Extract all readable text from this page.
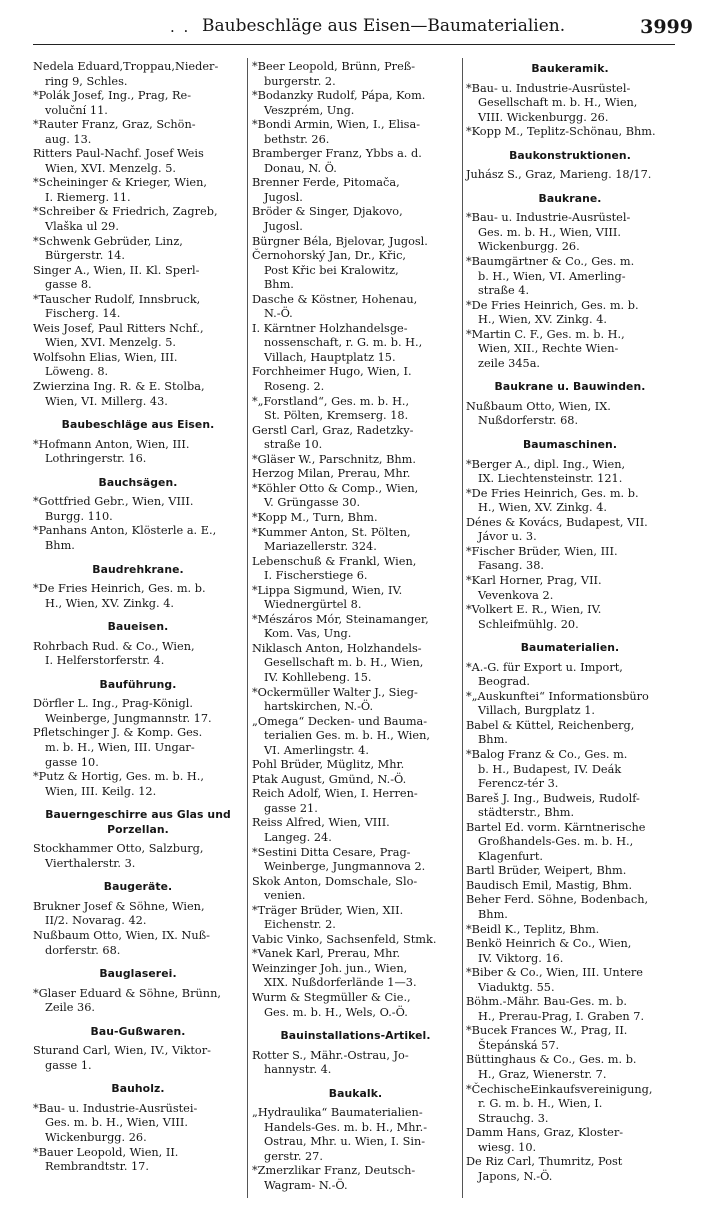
. . Baubeschläge aus Eisen—Baumaterialien.	3999
Nedela Eduard,Troppau,Nieder-
ring 9, Schles.
*Polák Josef, Ing., Prag, Re-
voluční 11.
*Rauter Franz, Graz, Schön-
aug. 13.
Ritters Paul-Nachf. Josef Weis
Wien, XVI. Menzelg. 5.
*Scheininger & Krieger, Wien,
I. Riemerg. 11.
*Schreiber & Friedrich, Zagreb,
Vlaška ul 29.
*Schwenk Gebrüder, Linz,
Bürgerstr. 14.
Singer A., Wien, II. Kl. Sperl-
gasse 8.
*Tauscher Rudolf, Innsbruck,
Fischerg. 14.
Weis Josef, Paul Ritters Nchf.,
Wien, XVI. Menzelg. 5.
Wolfsohn Elias, Wien, III.
Löweng. 8.
Zwierzina Ing. R. & E. Stolba,
Wien, VI. Millerg. 43.
Baubeschläge aus Eisen.
*Hofmann Anton, Wien, III.
Lothringerstr. 16.
Bauchsägen.
*Gottfried Gebr., Wien, VIII.
Burgg. 110.
*Panhans Anton, Klösterle a. E.,
Bhm.
Baudrehkrane.
*De Fries Heinrich, Ges. m. b.
H., Wien, XV. Zinkg. 4.
Baueisen.
Rohrbach Rud. & Co., Wien,
I. Helferstorferstr. 4.
Bauführung.
Dörfler L. Ing., Prag-Königl.
Weinberge, Jungmannstr. 17.
Pfletschinger J. & Komp. Ges.
m. b. H., Wien, III. Ungar-
gasse 10.
*Putz & Hortig, Ges. m. b. H.,
Wien, III. Keilg. 12.
Bauerngeschirre aus Glas und Porzellan.
Stockhammer Otto, Salzburg,
Vierthalerstr. 3.
Baugeräte.
Brukner Josef & Söhne, Wien,
II/2. Novarag. 42.
Nußbaum Otto, Wien, IX. Nuß-
dorferstr. 68.
Bauglaserei.
*Glaser Eduard & Söhne, Brünn,
Zeile 36.
Bau-Gußwaren.
Sturand Carl, Wien, IV., Viktor-
gasse 1.
Bauholz.
*Bau- u. Industrie-Ausrüstei-
Ges. m. b. H., Wien, VIII.
Wickenburgg. 26.
*Bauer Leopold, Wien, II.
Rembrandtstr. 17.
*Beer Leopold, Brünn, Preß-
burgerstr. 2.
*Bodanzky Rudolf, Pápa, Kom.
Veszprém, Ung.
*Bondi Armin, Wien, I., Elisa-
bethstr. 26.
Bramberger Franz, Ybbs a. d.
Donau, N. Ö.
Brenner Ferde, Pitomača,
Jugosl.
Bröder & Singer, Djakovo,
Jugosl.
Bürgner Béla, Bjelovar, Jugosl.
Černohorský Jan, Dr., Křic,
Post Křic bei Kralowitz,
Bhm.
Dasche & Köstner, Hohenau,
N.-Ö.
I. Kärntner Holzhandelsge-
nossenschaft, r. G. m. b. H.,
Villach, Hauptplatz 15.
Forchheimer Hugo, Wien, I.
Roseng. 2.
*„Forstland“, Ges. m. b. H.,
St. Pölten, Kremserg. 18.
Gerstl Carl, Graz, Radetzky-
straße 10.
*Gläser W., Parschnitz, Bhm.
Herzog Milan, Prerau, Mhr.
*Köhler Otto & Comp., Wien,
V. Grüngasse 30.
*Kopp M., Turn, Bhm.
*Kummer Anton, St. Pölten,
Mariazellerstr. 324.
Lebenschuß & Frankl, Wien,
I. Fischerstiege 6.
*Lippa Sigmund, Wien, IV.
Wiednergürtel 8.
*Mészáros Mór, Steinamanger,
Kom. Vas, Ung.
Niklasch Anton, Holzhandels-
Gesellschaft m. b. H., Wien,
IV. Kohllebeng. 15.
*Ockermüller Walter J., Sieg-
hartskirchen, N.-Ö.
„Omega“ Decken- und Bauma-
terialien Ges. m. b. H., Wien,
VI. Amerlingstr. 4.
Pohl Brüder, Müglitz, Mhr.
Ptak August, Gmünd, N.-Ö.
Reich Adolf, Wien, I. Herren-
gasse 21.
Reiss Alfred, Wien, VIII.
Langeg. 24.
*Sestini Ditta Cesare, Prag-
Weinberge, Jungmannova 2.
Skok Anton, Domschale, Slo-
venien.
*Träger Brüder, Wien, XII.
Eichenstr. 2.
Vabic Vinko, Sachsenfeld, Stmk.
*Vanek Karl, Prerau, Mhr.
Weinzinger Joh. jun., Wien,
XIX. Nußdorferlände 1—3.
Wurm & Stegmüller & Cie.,
Ges. m. b. H., Wels, O.-Ö.
Bauinstallations-Artikel.
Rotter S., Mähr.-Ostrau, Jo-
hannystr. 4.
Baukalk.
„Hydraulika“ Baumaterialien-
Handels-Ges. m. b. H., Mhr.-
Ostrau, Mhr. u. Wien, I. Sin-
gerstr. 27.
*Zmerzlikar Franz, Deutsch-
Wagram- N.-Ö.
Baukeramik.
*Bau- u. Industrie-Ausrüstel-
Gesellschaft m. b. H., Wien,
VIII. Wickenburgg. 26.
*Kopp M., Teplitz-Schönau, Bhm.
Baukonstruktionen.
Juhász S., Graz, Marieng. 18/17.
Baukrane.
*Bau- u. Industrie-Ausrüstel-
Ges. m. b. H., Wien, VIII.
Wickenburgg. 26.
*Baumgärtner & Co., Ges. m.
b. H., Wien, VI. Amerling-
straße 4.
*De Fries Heinrich, Ges. m. b.
H., Wien, XV. Zinkg. 4.
*Martin C. F., Ges. m. b. H.,
Wien, XII., Rechte Wien-
zeile 345a.
Baukrane u. Bauwinden.
Nußbaum Otto, Wien, IX.
Nußdorferstr. 68.
Baumaschinen.
*Berger A., dipl. Ing., Wien,
IX. Liechtensteinstr. 121.
*De Fries Heinrich, Ges. m. b.
H., Wien, XV. Zinkg. 4.
Dénes & Kovács, Budapest, VII.
Jávor u. 3.
*Fischer Brüder, Wien, III.
Fasang. 38.
*Karl Horner, Prag, VII.
Vevenkova 2.
*Volkert E. R., Wien, IV.
Schleifmühlg. 20.
Baumaterialien.
*A.-G. für Export u. Import,
Beograd.
*„Auskunftei“ Informationsbüro
Villach, Burgplatz 1.
Babel & Küttel, Reichenberg,
Bhm.
*Balog Franz & Co., Ges. m.
b. H., Budapest, IV. Deák
Ferencz-tér 3.
Bareš J. Ing., Budweis, Rudolf-
städterstr., Bhm.
Bartel Ed. vorm. Kärntnerische
Großhandels-Ges. m. b. H.,
Klagenfurt.
Bartl Brüder, Weipert, Bhm.
Baudisch Emil, Mastig, Bhm.
Beher Ferd. Söhne, Bodenbach,
Bhm.
*Beidl K., Teplitz, Bhm.
Benkö Heinrich & Co., Wien,
IV. Viktorg. 16.
*Biber & Co., Wien, III. Untere
Viaduktg. 55.
Böhm.-Mähr. Bau-Ges. m. b.
H., Prerau-Prag, I. Graben 7.
*Bucek Frances W., Prag, II.
Štepánská 57.
Büttinghaus & Co., Ges. m. b.
H., Graz, Wienerstr. 7.
*ČechischeEinkaufsvereinigung,
r. G. m. b. H., Wien, I.
Strauchg. 3.
Damm Hans, Graz, Kloster-
wiesg. 10.
De Riz Carl, Thumritz, Post
Japons, N.-Ö.
